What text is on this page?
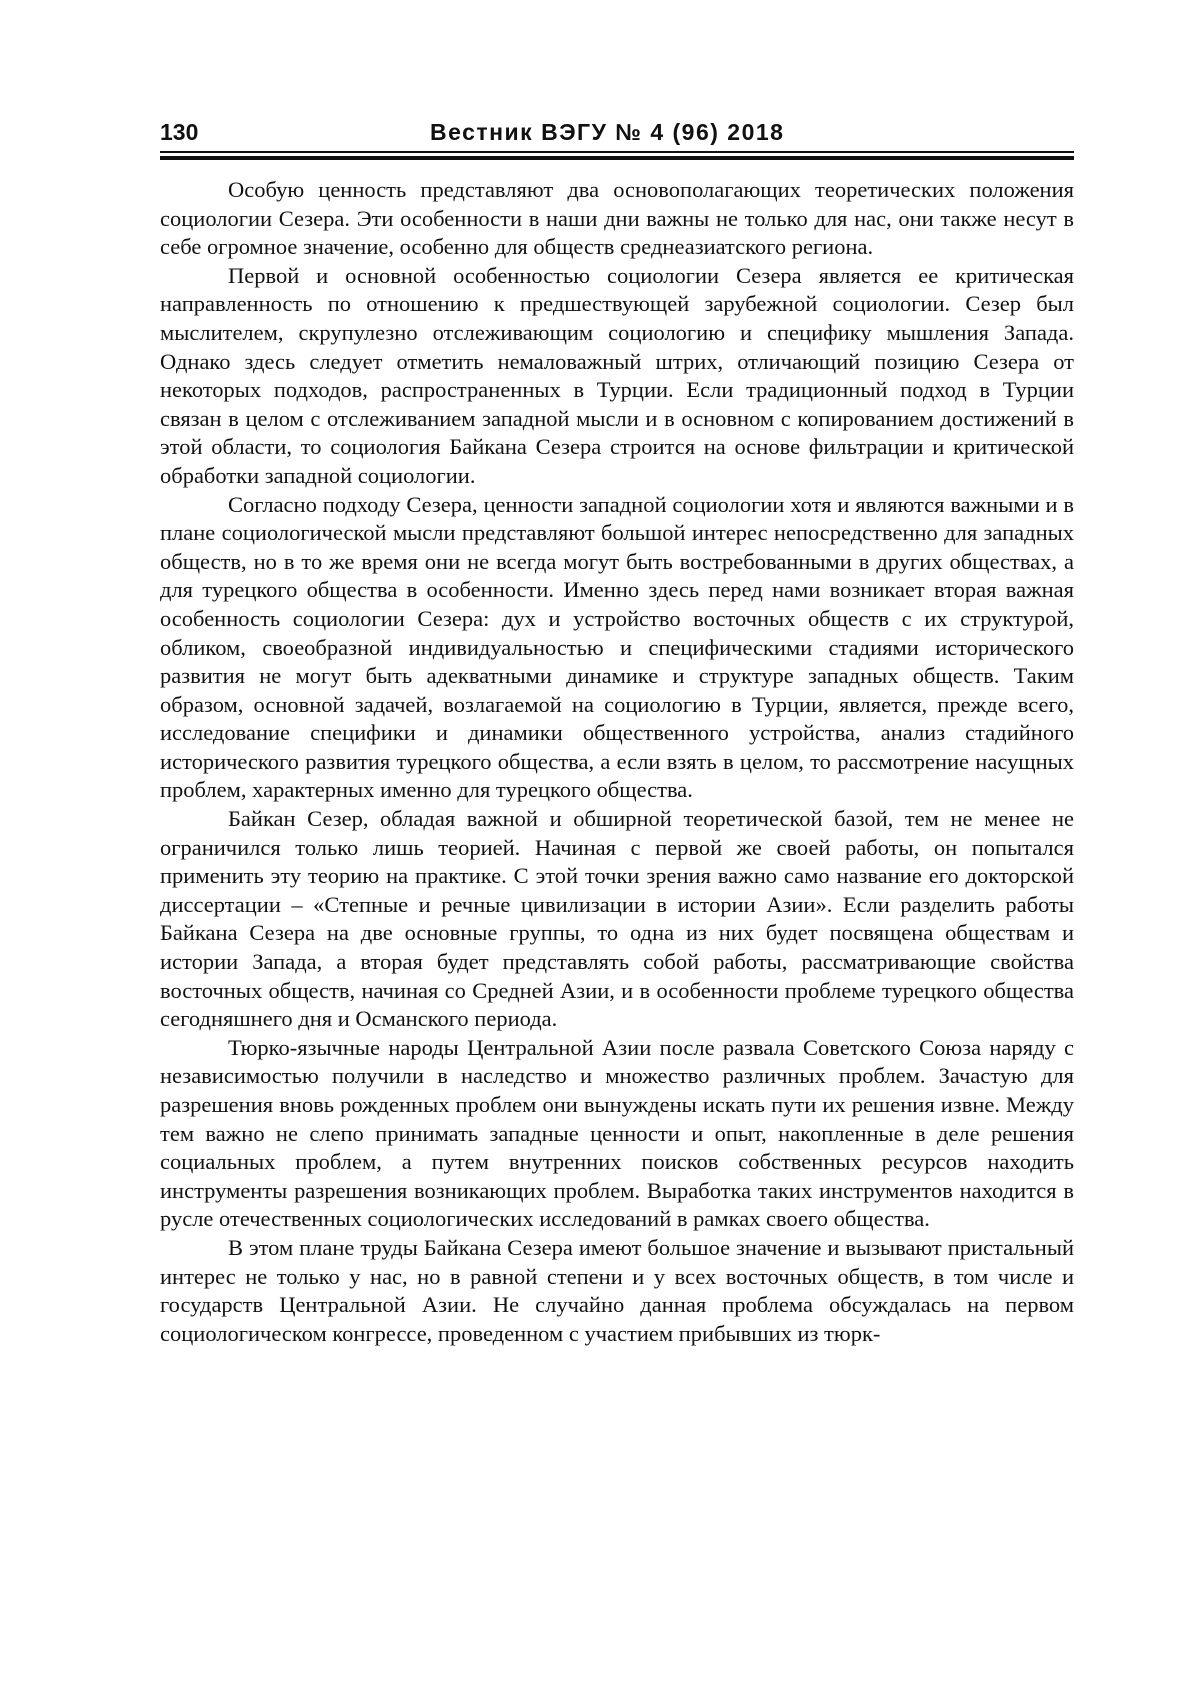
130	Вестник ВЭГУ № 4 (96) 2018

Особую ценность представляют два основополагающих теоретических положения социологии Сезера. Эти особенности в наши дни важны не только для нас, они также несут в себе огромное значение, особенно для обществ среднеазиатского региона.

Первой и основной особенностью социологии Сезера является ее критическая направленность по отношению к предшествующей зарубежной социологии. Сезер был мыслителем, скрупулезно отслеживающим социологию и специфику мышления Запада. Однако здесь следует отметить немаловажный штрих, отличающий позицию Сезера от некоторых подходов, распространенных в Турции. Если традиционный подход в Турции связан в целом с отслеживанием западной мысли и в основном с копированием достижений в этой области, то социология Байкана Сезера строится на основе фильтрации и критической обработки западной социологии.

Согласно подходу Сезера, ценности западной социологии хотя и являются важными и в плане социологической мысли представляют большой интерес непосредственно для западных обществ, но в то же время они не всегда могут быть востребованными в других обществах, а для турецкого общества в особенности. Именно здесь перед нами возникает вторая важная особенность социологии Сезера: дух и устройство восточных обществ с их структурой, обликом, своеобразной индивидуальностью и специфическими стадиями исторического развития не могут быть адекватными динамике и структуре западных обществ. Таким образом, основной задачей, возлагаемой на социологию в Турции, является, прежде всего, исследование специфики и динамики общественного устройства, анализ стадийного исторического развития турецкого общества, а если взять в целом, то рассмотрение насущных проблем, характерных именно для турецкого общества.

Байкан Сезер, обладая важной и обширной теоретической базой, тем не менее не ограничился только лишь теорией. Начиная с первой же своей работы, он попытался применить эту теорию на практике. С этой точки зрения важно само название его докторской диссертации – «Степные и речные цивилизации в истории Азии». Если разделить работы Байкана Сезера на две основные группы, то одна из них будет посвящена обществам и истории Запада, а вторая будет представлять собой работы, рассматривающие свойства восточных обществ, начиная со Средней Азии, и в особенности проблеме турецкого общества сегодняшнего дня и Османского периода.

Тюрко-язычные народы Центральной Азии после развала Советского Союза наряду с независимостью получили в наследство и множество различных проблем. Зачастую для разрешения вновь рожденных проблем они вынуждены искать пути их решения извне. Между тем важно не слепо принимать западные ценности и опыт, накопленные в деле решения социальных проблем, а путем внутренних поисков собственных ресурсов находить инструменты разрешения возникающих проблем. Выработка таких инструментов находится в русле отечественных социологических исследований в рамках своего общества.

В этом плане труды Байкана Сезера имеют большое значение и вызывают пристальный интерес не только у нас, но в равной степени и у всех восточных обществ, в том числе и государств Центральной Азии. Не случайно данная проблема обсуждалась на первом социологическом конгрессе, проведенном с участием прибывших из тюрк-
